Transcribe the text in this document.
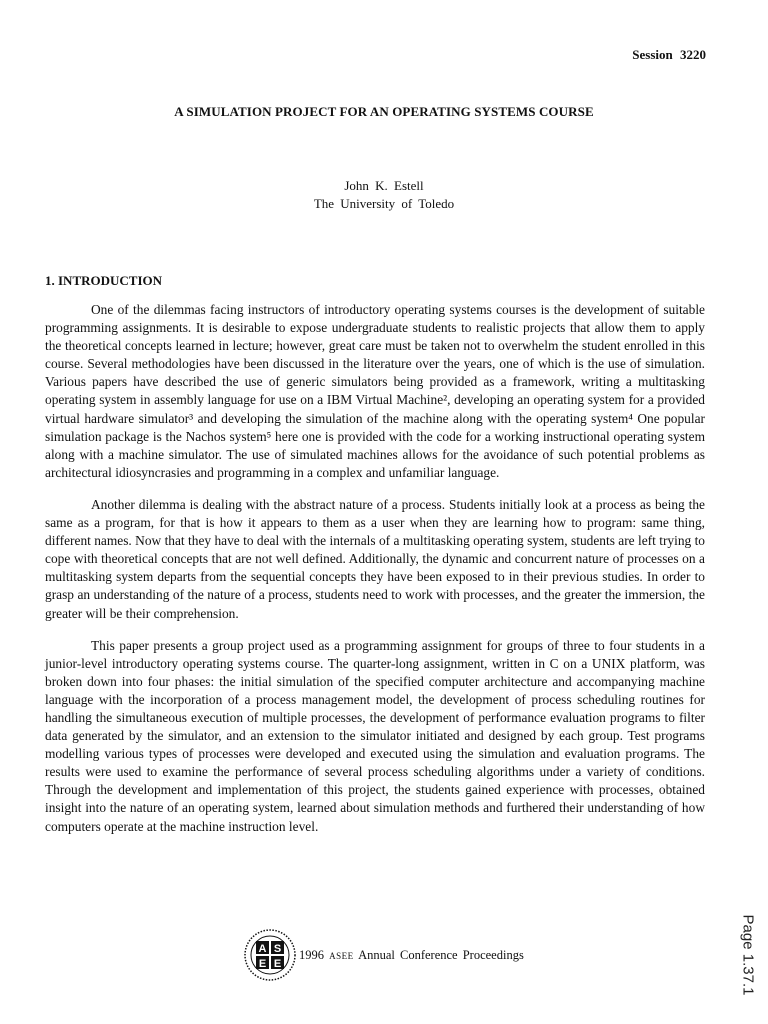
Session 3220
A SIMULATION PROJECT FOR AN OPERATING SYSTEMS COURSE
John K. Estell
The University of Toledo
1. INTRODUCTION

One of the dilemmas facing instructors of introductory operating systems courses is the development of suitable programming assignments. It is desirable to expose undergraduate students to realistic projects that allow them to apply the theoretical concepts learned in lecture; however, great care must be taken not to overwhelm the student enrolled in this course. Several methodologies have been discussed in the literature over the years, one of which is the use of simulation. Various papers have described the use of generic simulators being provided as a framework, writing a multitasking operating system in assembly language for use on a IBM Virtual Machine², developing an operating system for a provided virtual hardware simulator³ and developing the simulation of the machine along with the operating system⁴ One popular simulation package is the Nachos system⁵ here one is provided with the code for a working instructional operating system along with a machine simulator. The use of simulated machines allows for the avoidance of such potential problems as architectural idiosyncrasies and programming in a complex and unfamiliar language.

Another dilemma is dealing with the abstract nature of a process. Students initially look at a process as being the same as a program, for that is how it appears to them as a user when they are learning how to program: same thing, different names. Now that they have to deal with the internals of a multitasking operating system, students are left trying to cope with theoretical concepts that are not well defined. Additionally, the dynamic and concurrent nature of processes on a multitasking system departs from the sequential concepts they have been exposed to in their previous studies. In order to grasp an understanding of the nature of a process, students need to work with processes, and the greater the immersion, the greater will be their comprehension.

This paper presents a group project used as a programming assignment for groups of three to four students in a junior-level introductory operating systems course. The quarter-long assignment, written in C on a UNIX platform, was broken down into four phases: the initial simulation of the specified computer architecture and accompanying machine language with the incorporation of a process management model, the development of process scheduling routines for handling the simultaneous execution of multiple processes, the development of performance evaluation programs to filter data generated by the simulator, and an extension to the simulator initiated and designed by each group. Test programs modelling various types of processes were developed and executed using the simulation and evaluation programs. The results were used to examine the performance of several process scheduling algorithms under a variety of conditions. Through the development and implementation of this project, the students gained experience with processes, obtained insight into the nature of an operating system, learned about simulation methods and furthered their understanding of how computers operate at the machine instruction level.

A S
E E
1996 ASEE Annual Conference Proceedings	Page 1.37.1
